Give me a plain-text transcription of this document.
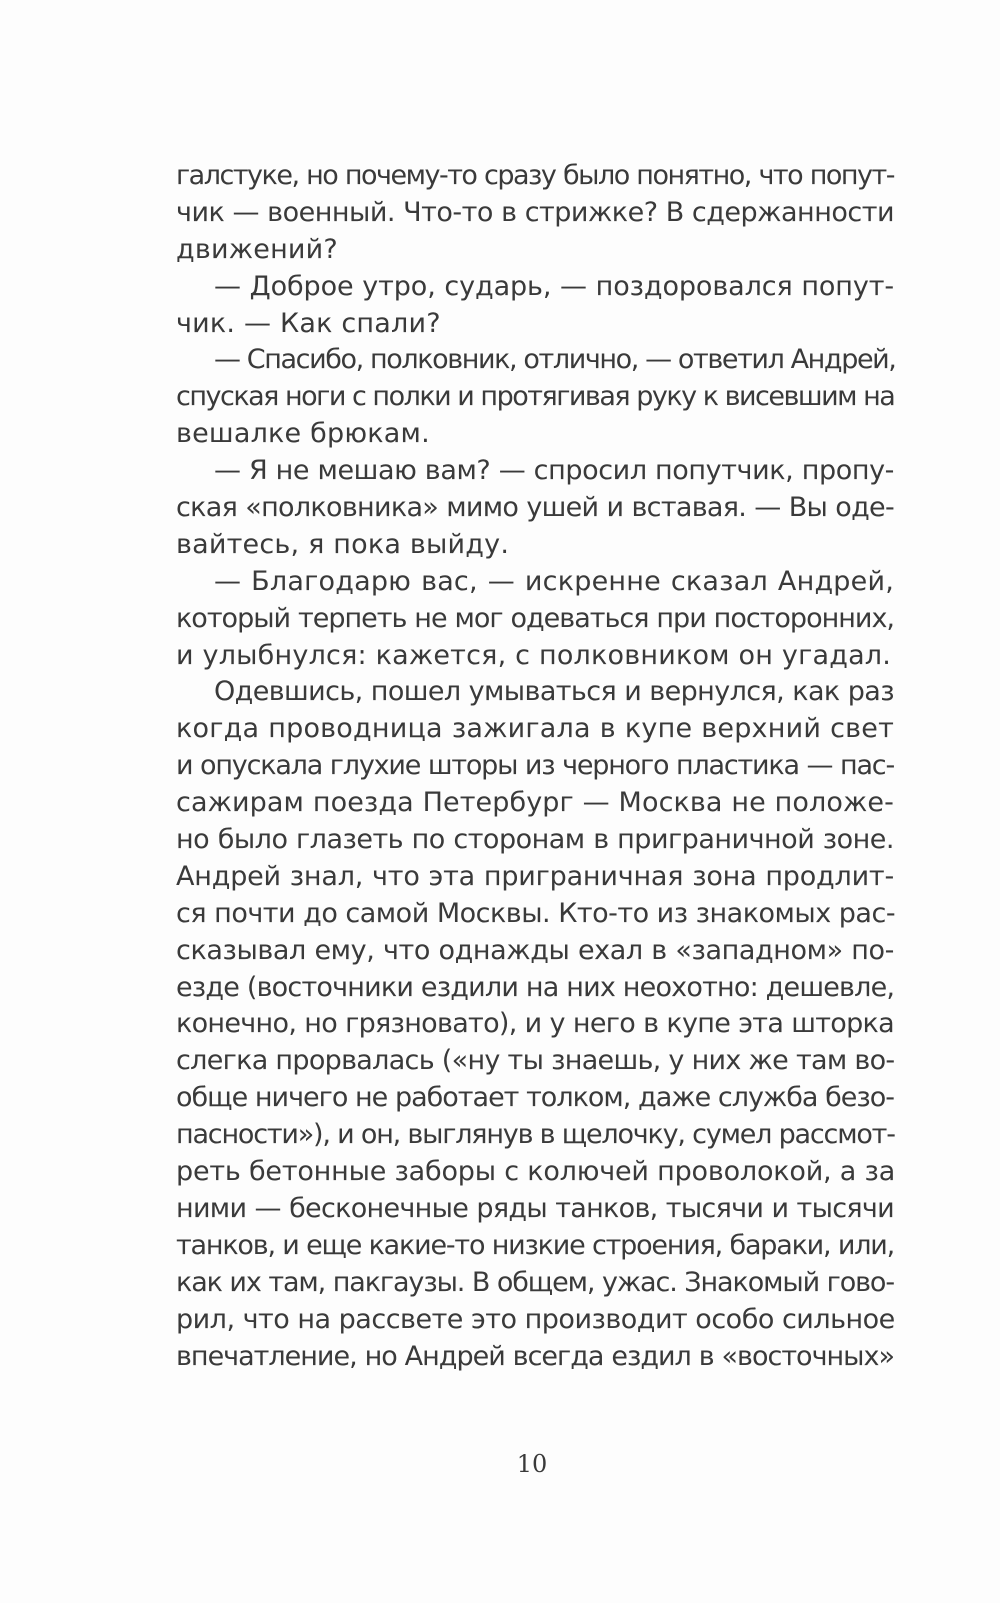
галстуке, но почему-то сразу было понятно, что попут-
чик — военный. Что-то в стрижке? В сдержанности
движений?
— Доброе утро, сударь, — поздоровался попут-
чик. — Как спали?
— Спасибо, полковник, отлично, — ответил Андрей,
спуская ноги с полки и протягивая руку к висевшим на
вешалке брюкам.
— Я не мешаю вам? — спросил попутчик, пропу-
ская «полковника» мимо ушей и вставая. — Вы оде-
вайтесь, я пока выйду.
— Благодарю вас, — искренне сказал Андрей,
который терпеть не мог одеваться при посторонних,
и улыбнулся: кажется, с полковником он угадал.
Одевшись, пошел умываться и вернулся, как раз
когда проводница зажигала в купе верхний свет
и опускала глухие шторы из черного пластика — пас-
сажирам поезда Петербург — Москва не положе-
но было глазеть по сторонам в приграничной зоне.
Андрей знал, что эта приграничная зона продлит-
ся почти до самой Москвы. Кто-то из знакомых рас-
сказывал ему, что однажды ехал в «западном» по-
езде (восточники ездили на них неохотно: дешевле,
конечно, но грязновато), и у него в купе эта шторка
слегка прорвалась («ну ты знаешь, у них же там во-
обще ничего не работает толком, даже служба безо-
пасности»), и он, выглянув в щелочку, сумел рассмот-
реть бетонные заборы с колючей проволокой, а за
ними — бесконечные ряды танков, тысячи и тысячи
танков, и еще какие-то низкие строения, бараки, или,
как их там, пакгаузы. В общем, ужас. Знакомый гово-
рил, что на рассвете это производит особо сильное
впечатление, но Андрей всегда ездил в «восточных»
10
